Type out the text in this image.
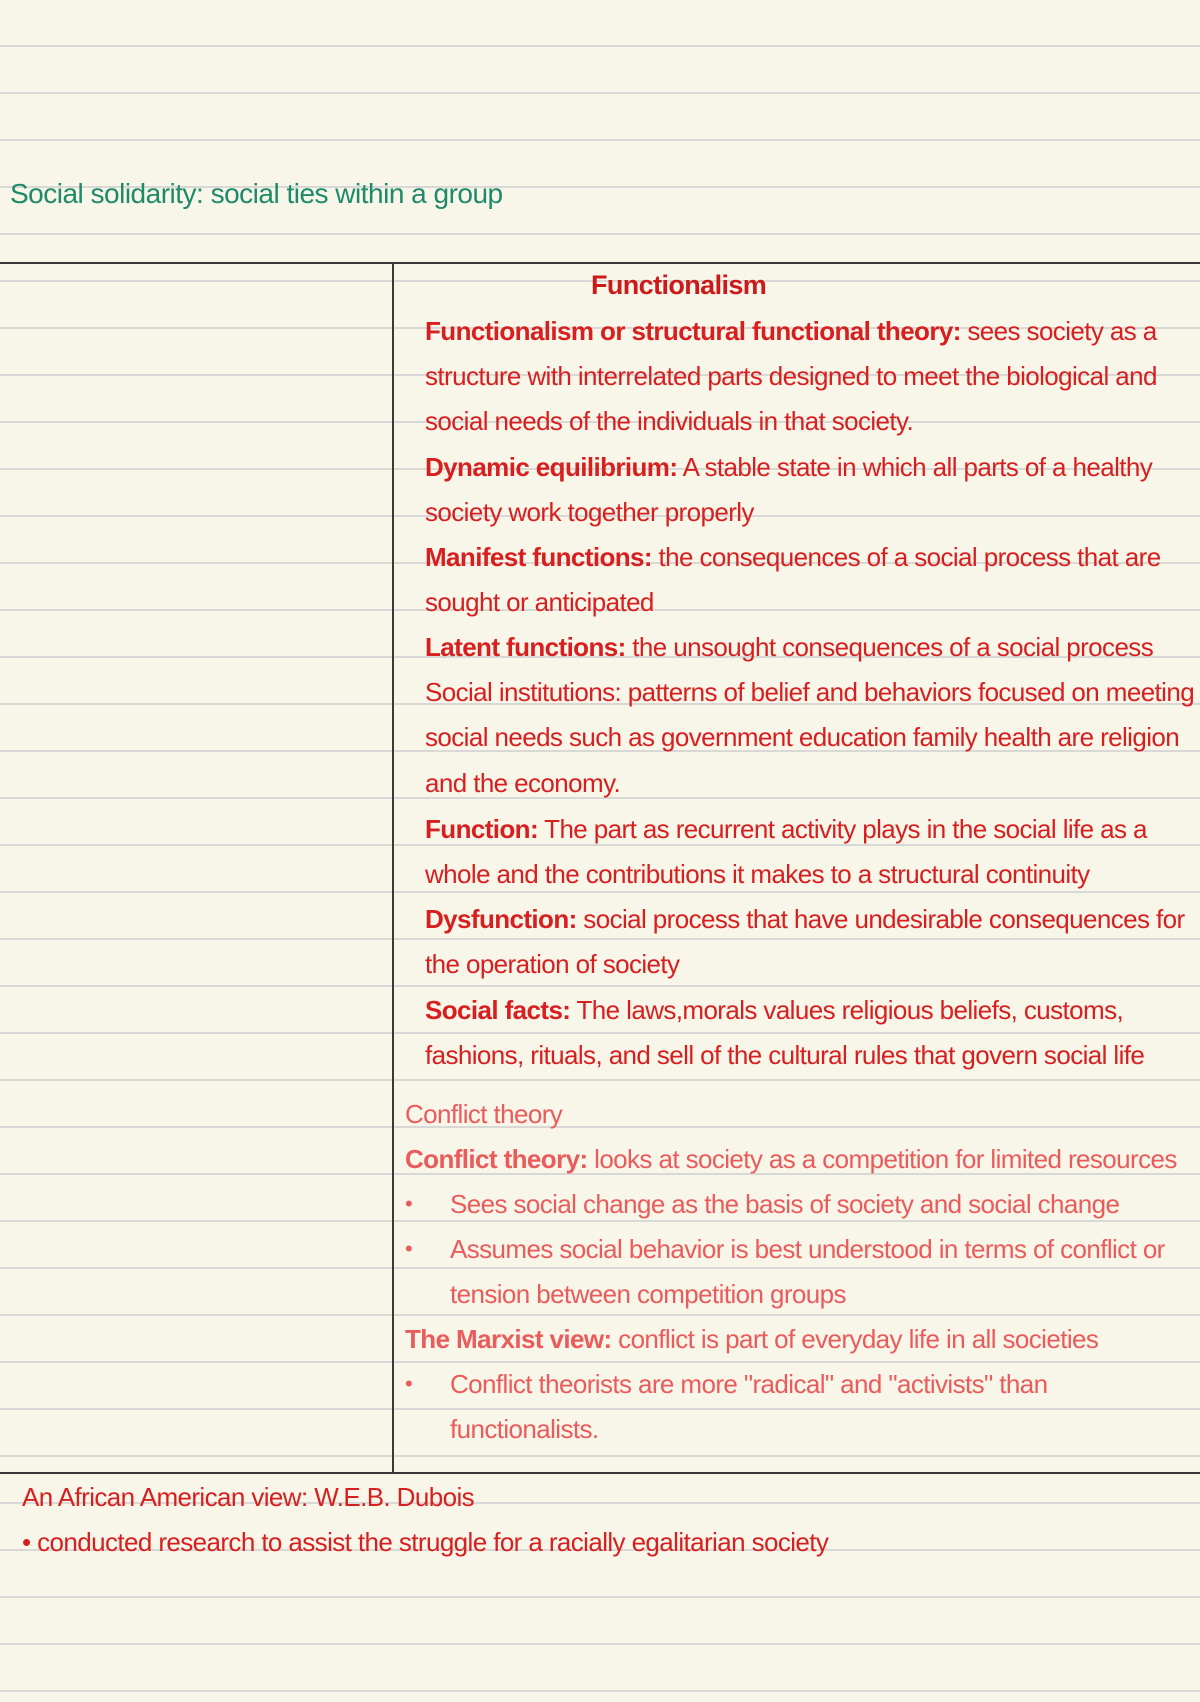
Social solidarity: social ties within a group
Functionalism
Functionalism or structural functional theory: sees society as a
structure with interrelated parts designed to meet the biological and
social needs of the individuals in that society.
Dynamic equilibrium: A stable state in which all parts of a healthy
society work together properly
Manifest functions: the consequences of a social process that are
sought or anticipated
Latent functions: the unsought consequences of a social process
Social institutions: patterns of belief and behaviors focused on meeting
social needs such as government education family health are religion
and the economy.
Function: The part as recurrent activity plays in the social life as a
whole and the contributions it makes to a structural continuity
Dysfunction: social process that have undesirable consequences for
the operation of society
Social facts: The laws,morals values religious beliefs, customs,
fashions, rituals, and sell of the cultural rules that govern social life
Conflict theory
Conflict theory: looks at society as a competition for limited resources
• Sees social change as the basis of society and social change
• Assumes social behavior is best understood in terms of conflict or
tension between competition groups
The Marxist view: conflict is part of everyday life in all societies
• Conflict theorists are more "radical" and "activists" than
functionalists.
An African American view: W.E.B. Dubois
• conducted research to assist the struggle for a racially egalitarian society
